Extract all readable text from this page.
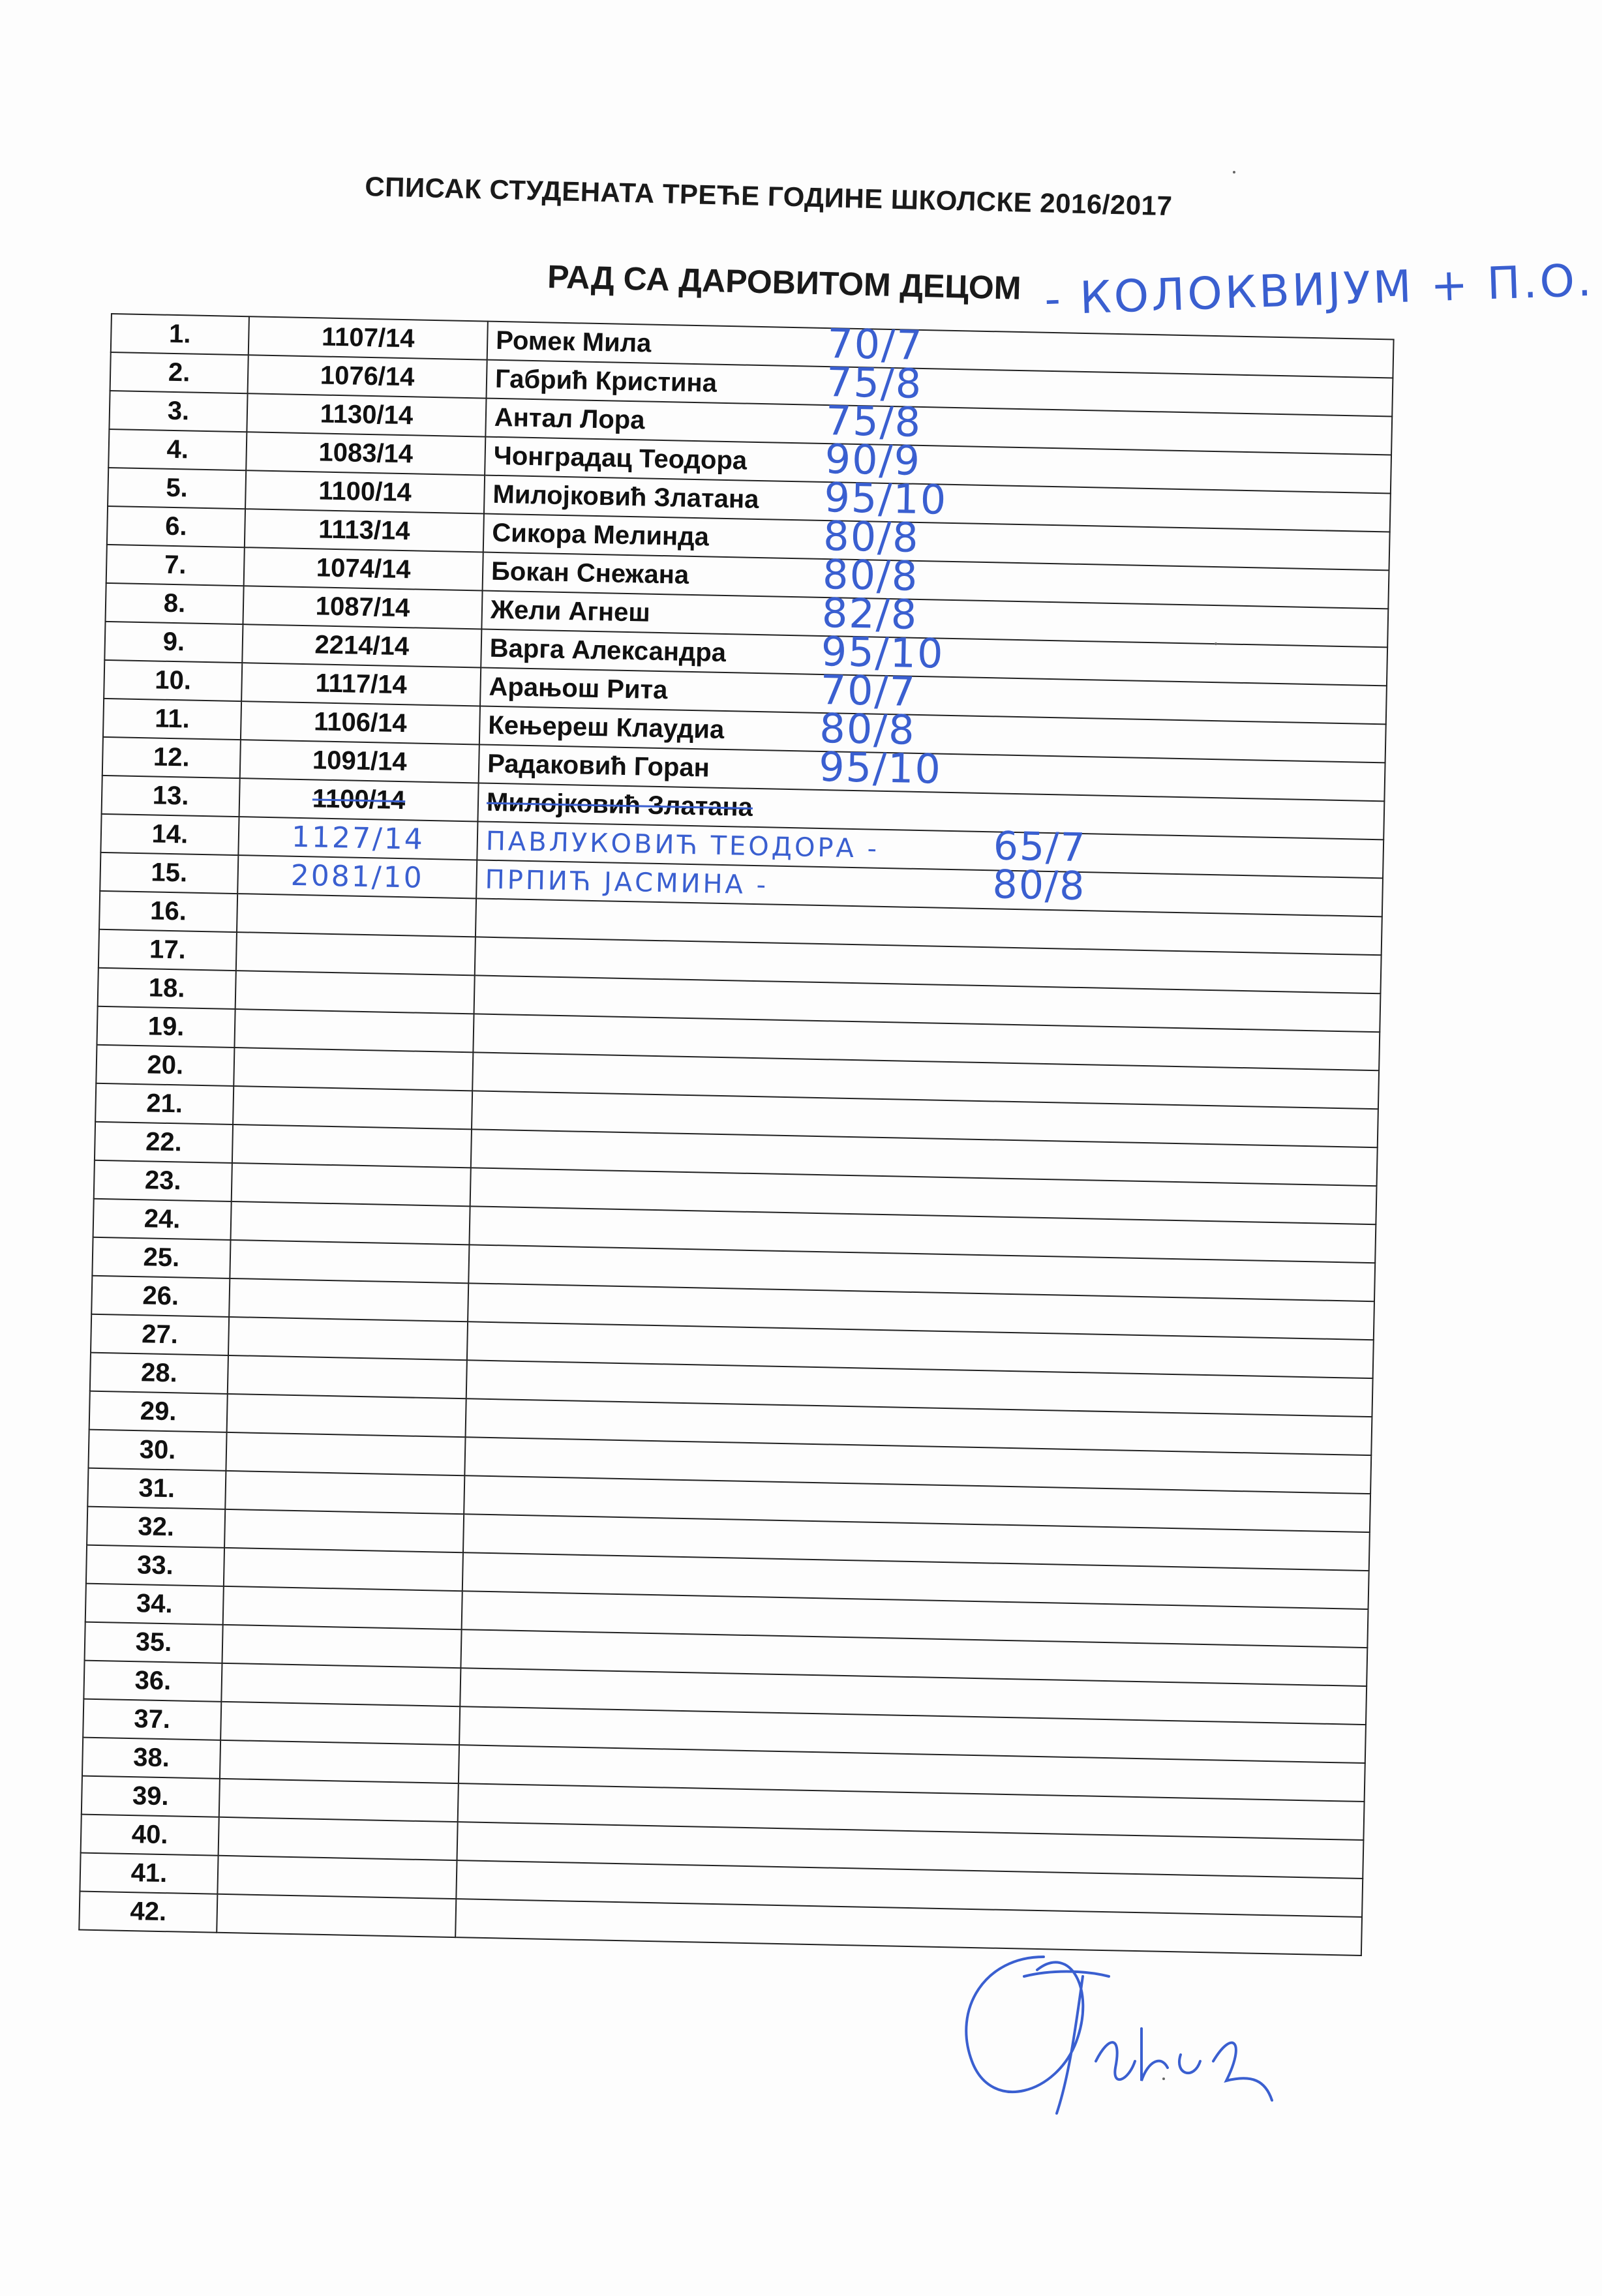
СПИСАК СТУДЕНАТА ТРЕЋЕ ГОДИНЕ ШКОЛСКЕ 2016/2017
РАД СА ДАРОВИТОМ ДЕЦОМ - КОЛОКВИЈУМ + П.О.
1.	1107/14	Ромек Мила 70/7

2.	1076/14	Габрић Кристина 75/8

3.	1130/14	Антал Лора 75/8

4.	1083/14	Чонградац Теодора 90/9

5.	1100/14	Милојковић Златана 95/10

6.	1113/14	Сикора Мелинда 80/8

7.	1074/14	Бокан Снежана 80/8

8.	1087/14	Жели Агнеш 82/8

9.	2214/14	Варга Александра 95/10

10.	1117/14	Арањош Рита 70/7

11.	1106/14	Кењереш Клаудиа 80/8

12.	1091/14	Радаковић Горан 95/10

13.	1100/14	Милојковић Златана
14.	1127/14	ПАВЛУКОВИЋ ТЕОДОРА - 65/7

15.	2081/10	ПРПИЋ ЈАСМИНА - 80/8

16.		
17.		
18.		
19.		
20.		
21.		
22.		
23.		
24.		
25.		
26.		
27.		
28.		
29.		
30.		
31.		
32.		
33.		
34.		
35.		
36.		
37.		
38.		
39.		
40.		
41.		
42.		
